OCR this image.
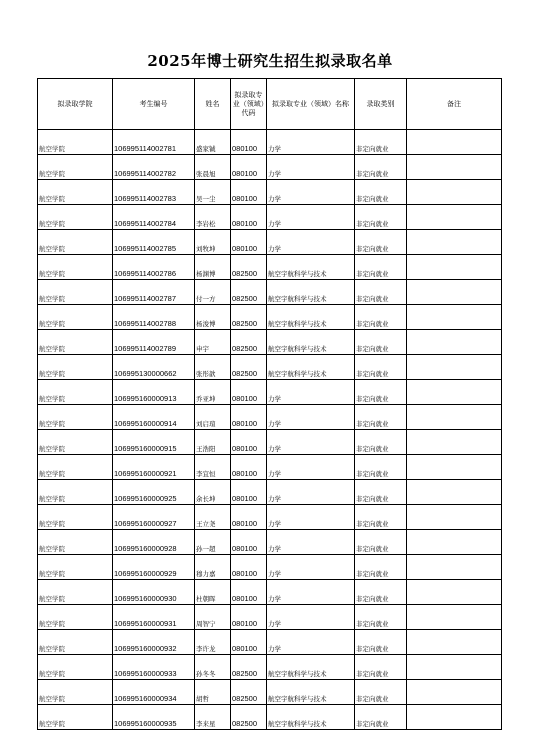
2025年博士研究生招生拟录取名单
拟录取学院	考生编号	姓名	拟录取专业（领域）代码	拟录取专业（领域）名称	录取类别	备注
航空学院	106995114002781	盛家铖	080100	力学	非定向就业	
航空学院	106995114002782	张晨旭	080100	力学	非定向就业	
航空学院	106995114002783	吴一尘	080100	力学	非定向就业	
航空学院	106995114002784	李岩松	080100	力学	非定向就业	
航空学院	106995114002785	刘牧坤	080100	力学	非定向就业	
航空学院	106995114002786	杨渊博	082500	航空宇航科学与技术	非定向就业	
航空学院	106995114002787	付一方	082500	航空宇航科学与技术	非定向就业	
航空学院	106995114002788	杨浚博	082500	航空宇航科学与技术	非定向就业	
航空学院	106995114002789	申宇	082500	航空宇航科学与技术	非定向就业	
航空学院	106995130000662	张彤歆	082500	航空宇航科学与技术	非定向就业	
航空学院	106995160000913	乔亚坤	080100	力学	非定向就业	
航空学院	106995160000914	刘启瑄	080100	力学	非定向就业	
航空学院	106995160000915	王浩阳	080100	力学	非定向就业	
航空学院	106995160000921	李宜恒	080100	力学	非定向就业	
航空学院	106995160000925	余长坤	080100	力学	非定向就业	
航空学院	106995160000927	王立尧	080100	力学	非定向就业	
航空学院	106995160000928	孙一超	080100	力学	非定向就业	
航空学院	106995160000929	穆力嘉	080100	力学	非定向就业	
航空学院	106995160000930	杜朝晖	080100	力学	非定向就业	
航空学院	106995160000931	周智宁	080100	力学	非定向就业	
航空学院	106995160000932	李许龙	080100	力学	非定向就业	
航空学院	106995160000933	孙冬冬	082500	航空宇航科学与技术	非定向就业	
航空学院	106995160000934	胡哲	082500	航空宇航科学与技术	非定向就业	
航空学院	106995160000935	李来星	082500	航空宇航科学与技术	非定向就业	
